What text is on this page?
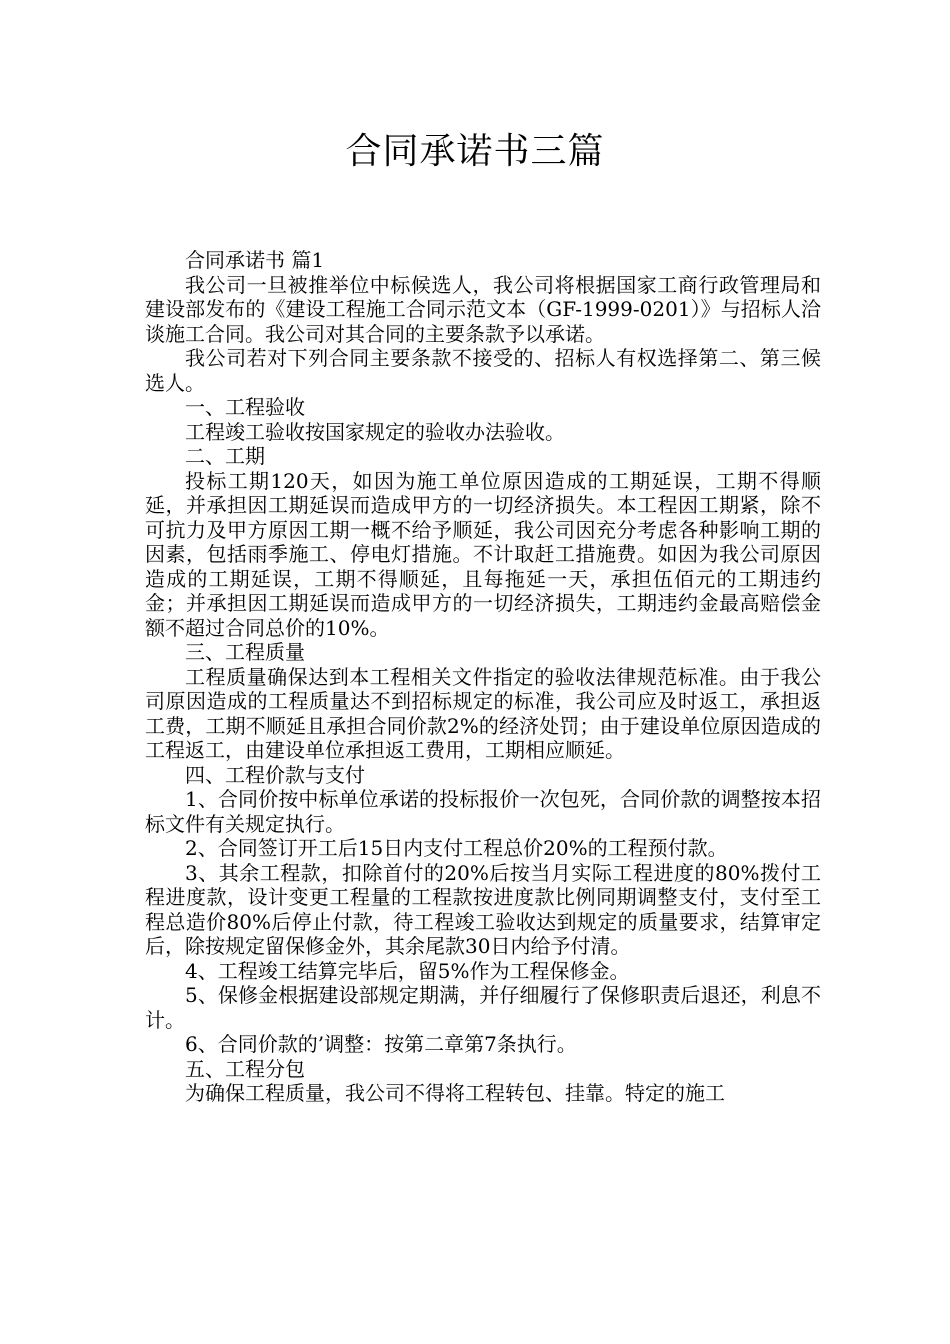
合同承诺书三篇

合同承诺书 篇1

我公司一旦被推举位中标候选人，我公司将根据国家工商行政管理局和建设部发布的《建设工程施工合同示范文本（GF-1999-0201）》与招标人洽谈施工合同。我公司对其合同的主要条款予以承诺。

我公司若对下列合同主要条款不接受的、招标人有权选择第二、第三候选人。

一、工程验收

工程竣工验收按国家规定的验收办法验收。

二、工期

投标工期120天，如因为施工单位原因造成的工期延误，工期不得顺延，并承担因工期延误而造成甲方的一切经济损失。本工程因工期紧，除不可抗力及甲方原因工期一概不给予顺延，我公司因充分考虑各种影响工期的因素，包括雨季施工、停电灯措施。不计取赶工措施费。如因为我公司原因造成的工期延误，工期不得顺延，且每拖延一天，承担伍佰元的工期违约金；并承担因工期延误而造成甲方的一切经济损失，工期违约金最高赔偿金额不超过合同总价的10%。

三、工程质量

工程质量确保达到本工程相关文件指定的验收法律规范标准。由于我公司原因造成的工程质量达不到招标规定的标准，我公司应及时返工，承担返工费，工期不顺延且承担合同价款2%的经济处罚；由于建设单位原因造成的工程返工，由建设单位承担返工费用，工期相应顺延。

四、工程价款与支付

1、合同价按中标单位承诺的投标报价一次包死，合同价款的调整按本招标文件有关规定执行。

2、合同签订开工后15日内支付工程总价20%的工程预付款。

3、其余工程款，扣除首付的20%后按当月实际工程进度的80%拨付工程进度款，设计变更工程量的工程款按进度款比例同期调整支付，支付至工程总造价80%后停止付款，待工程竣工验收达到规定的质量要求，结算审定后，除按规定留保修金外，其余尾款30日内给予付清。

4、工程竣工结算完毕后，留5%作为工程保修金。

5、保修金根据建设部规定期满，并仔细履行了保修职责后退还，利息不计。

6、合同价款的’调整：按第二章第7条执行。

五、工程分包

为确保工程质量，我公司不得将工程转包、挂靠。特定的施工
